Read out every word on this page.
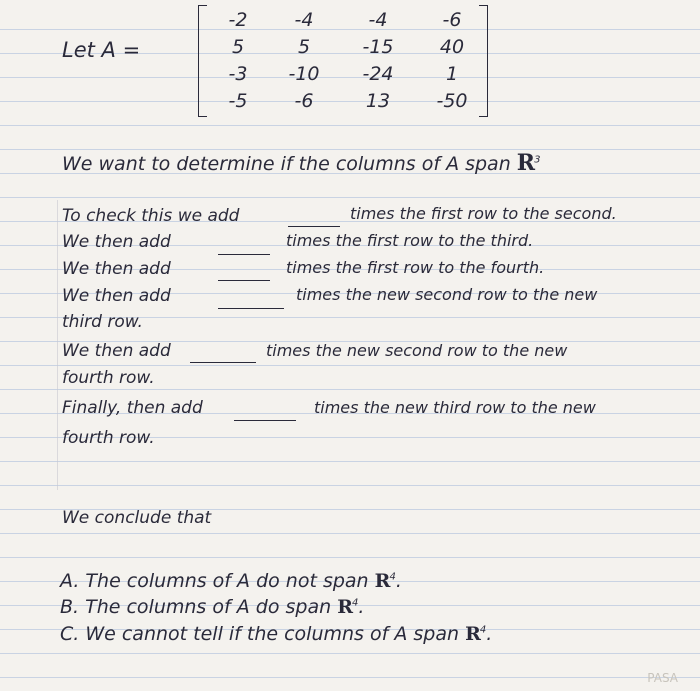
Let A =
-2	-4	-4	-6
5	5	-15	40
-3	-10	-24	1
-5	-6	13	-50
We want to determine if the columns of A span $R^3$
To check this we add	times the first row to the second.
We then add	times the first row to the third.
We then add	times the first row to the fourth.
We then add	times the new second row to the new
third row.
We then add	times the new second row to the new
fourth row.
Finally, then add	times the new third row to the new
fourth row.
We conclude that
A. The columns of A do not span $R^4$.
B. The columns of A do span $R^4$.
C. We cannot tell if the columns of A span $R^4$.
PASA
